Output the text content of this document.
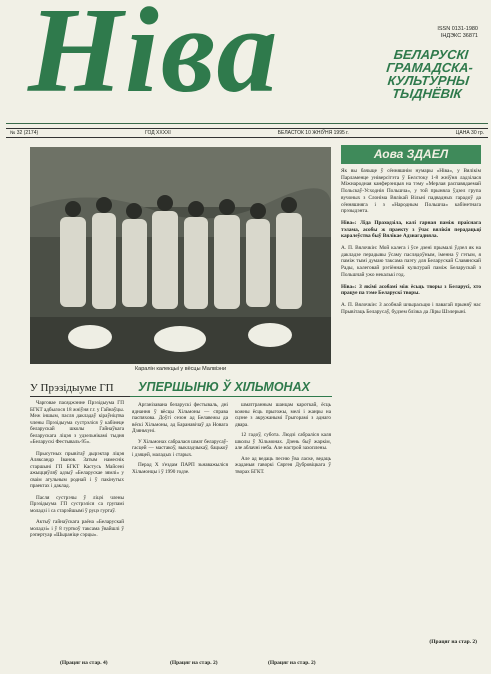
Ніва	ISSN 0131-1980
ІНДЭКС 36871
БЕЛАРУСКІ ГРАМАДСКА-КУЛЬТУРНЫ ТЫДНЁВІК
№ 32 (2174)	ГОД XXXXI	БЕЛАСТОК 10 ЖНІЎНЯ 1995 г.	ЦАНА 30 гр.
Каралін калекцыі у вёсцы Малвіэни
Аова ЗДАЕЛ

Як вы бачыце ў сённяшнім нумары «Ніва», у Вялікім Парламенце універсітэта ў Белстоку 1-8 жніўня ладзілася Міжнародная канферэнцыя на тэму «Мерлая распавядаемай Польскаў-Усходнія Польшча», у той прыняла ўдзел група вучоных з Слоніма Вялікай Вільні падвадных гарадоў да сённяшняга і з «Народным Польшча» кабінетнага прэзыдэнта.

Ніва»: Ліда Праходзіла, калі гарная паміж праіснага тэлама, асобы ж праекту з ўчас вялікія перадацьці каралеўства быў Вялікае Адзнагадняла.

А. П. Вялочкін: Мой калега і ўсе дзені прымалі ўдзел як на дакладзе перадывы ўсаму паслядоўным, іменна ў гэтым, я паміж тымі думаю таксама паэту для Беларускай Славянскай Рады, калеговай рэгіённай культурай паміж Беларускай з Польшчай ужо некалькі год.

Ніва»: З якімі асобамі між ёсьць творы з Беларусі, хто працуе па тэме Беларускі творы.

А. П. Вялочкін: З асобнай шчырасьцю і павагай прыняў нас Прывітаць Беларусаў, будзем блізка да Ліры Шэлерыні.

(Працяг на стар. 2)
У Прэзідыуме ГП

Чарговае пасяджэнне Прэзідыума ГП БГКТ адбылося 18 жніўня г.г. у Гайнаўцы. Меж іншым, пасля дакладаў кіраўніцтва члены Прэзідыума сустрэліся ў кабінеце беларускай школы Гайнаўкага беларускага ліцэя з удзельнікамі тыдня «Беларускі Фестываль-95».

Прысутных прывітаў дырэктар ліцэя Аляксандр Іванов. Затым намеснік старшыні ГП БГКТ Кастусь Майсені ажыццяўляў адзыў «Беларускае зямлі» у сваім агульным роднай і ў пакінутых праектах і даклад.

Пасля сустрэчы ў ліцэі члены Прэзідыума ГП сустрэліся са групамі моладзі і са старэйшымі ў руцэ гуртаў.

Актыў гайнаўскага раёна «Беларускай моладзі» і ў 8 гурткоў таксама ўвайшлі ў рэпертуар «Шыраніце сэрцы».

(Працяг на стар. 4)
УПЕРШЫНЮ Ў ХІЛЬМОНАХ

Арганізавана беларускі фестываль, дні яднання ў вёсцы Хільмоны — справа паспяхова. Доўгі сезон ад Белавежы да вёскі Хільмоны, ад Баранавічаў да Новага Дзяньчуні.

У Хільмонах сабралася шмат беларусаў-гасцей — мастакоў, выкладчыкаў, бацькоў і дзяцей, маладых і старых.

Перад Х з'ездам ПАРП зьнаважыліся Хільмонцы і ў 1990 годзе.

шматгранным шанцам кароткай, ёсць кожны ёсць прыгожы, мелі і жанры на сцэне з акружанымі Грыгорамі з аднаго двара.

12 гадоў, субота. Людзі сабраліся каля школы ў Хільмонах. Дзень быў жаркім, але аблачні неба. Але настрой захоплены.

Але ад ведаць песню ўва ласке, ведаць жаданыя гаворкі Сяргея Дубровіцкага ў творах БГКТ.

(Працяг на стар. 2)
(Працяг на стар. 2)
